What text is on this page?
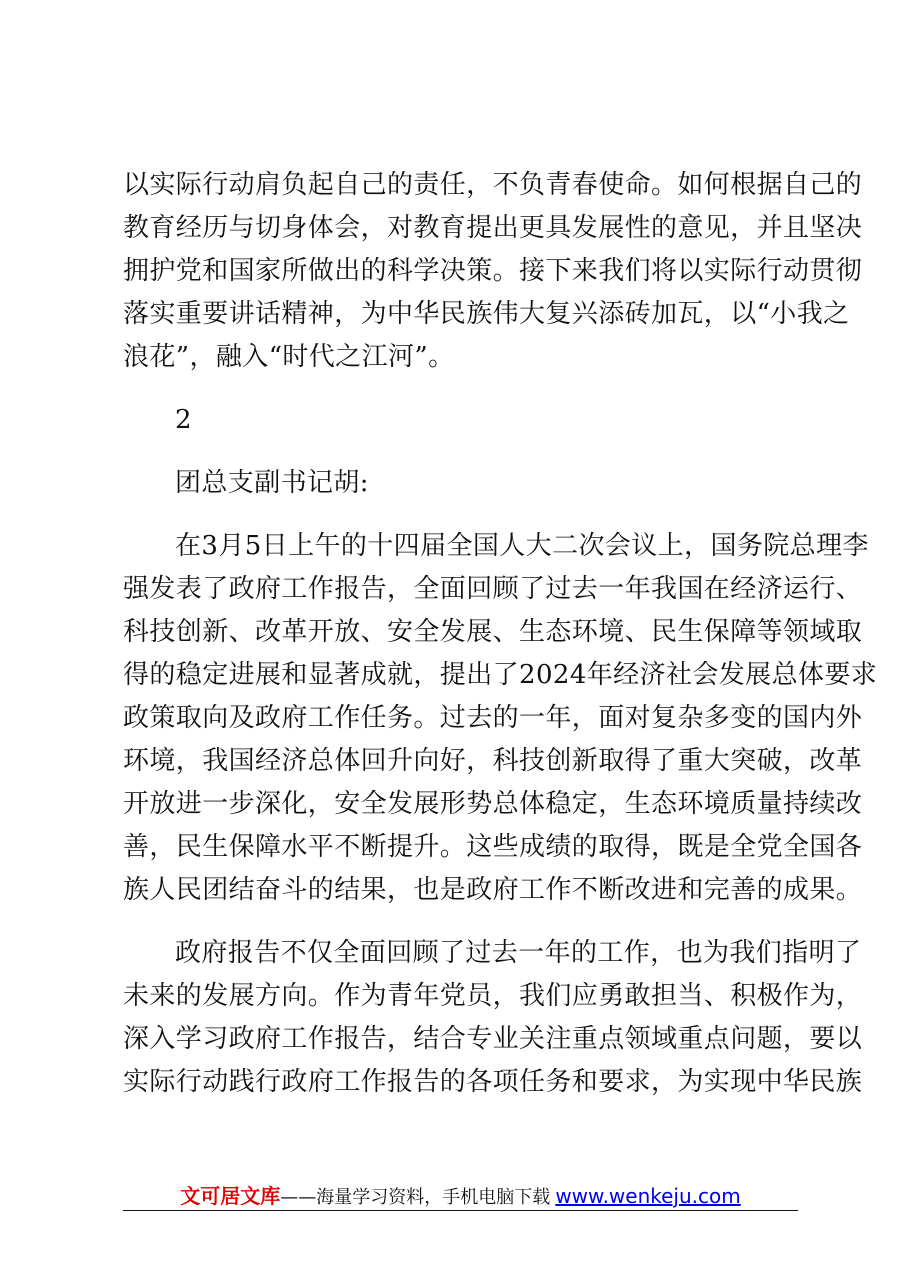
以实际行动肩负起自己的责任，不负青春使命。如何根据自己的
教育经历与切身体会，对教育提出更具发展性的意见，并且坚决
拥护党和国家所做出的科学决策。接下来我们将以实际行动贯彻
落实重要讲话精神，为中华民族伟大复兴添砖加瓦，以“小我之
浪花”，融入“时代之江河”。
2
团总支副书记胡:
在3月5日上午的十四届全国人大二次会议上，国务院总理李
强发表了政府工作报告，全面回顾了过去一年我国在经济运行、
科技创新、改革开放、安全发展、生态环境、民生保障等领域取
得的稳定进展和显著成就，提出了2024年经济社会发展总体要求
政策取向及政府工作任务。过去的一年，面对复杂多变的国内外
环境，我国经济总体回升向好，科技创新取得了重大突破，改革
开放进一步深化，安全发展形势总体稳定，生态环境质量持续改
善，民生保障水平不断提升。这些成绩的取得，既是全党全国各
族人民团结奋斗的结果，也是政府工作不断改进和完善的成果。
政府报告不仅全面回顾了过去一年的工作，也为我们指明了
未来的发展方向。作为青年党员，我们应勇敢担当、积极作为，
深入学习政府工作报告，结合专业关注重点领域重点问题，要以
实际行动践行政府工作报告的各项任务和要求，为实现中华民族
文可居文库——海量学习资料，手机电脑下载 www.wenkeju.com
